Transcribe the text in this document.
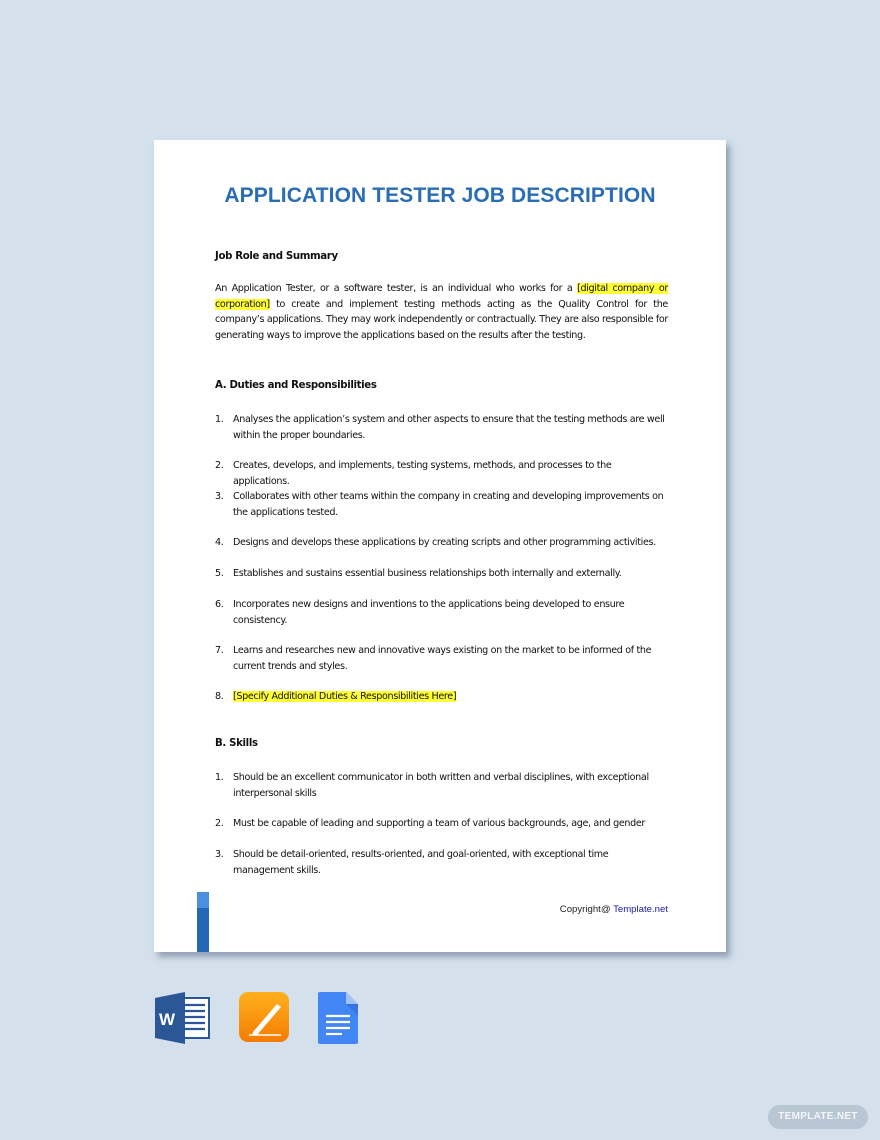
APPLICATION TESTER JOB DESCRIPTION
Job Role and Summary
An Application Tester, or a software tester, is an individual who works for a [digital company or corporation] to create and implement testing methods acting as the Quality Control for the company’s applications. They may work independently or contractually. They are also responsible for generating ways to improve the applications based on the results after the testing.
A. Duties and Responsibilities
1. Analyses the application’s system and other aspects to ensure that the testing methods are well within the proper boundaries.
2. Creates, develops, and implements, testing systems, methods, and processes to the applications.
3. Collaborates with other teams within the company in creating and developing improvements on the applications tested.
4. Designs and develops these applications by creating scripts and other programming activities.
5. Establishes and sustains essential business relationships both internally and externally.
6. Incorporates new designs and inventions to the applications being developed to ensure consistency.
7. Learns and researches new and innovative ways existing on the market to be informed of the current trends and styles.
8. [Specify Additional Duties & Responsibilities Here]
B. Skills
1. Should be an excellent communicator in both written and verbal disciplines, with exceptional interpersonal skills
2. Must be capable of leading and supporting a team of various backgrounds, age, and gender
3. Should be detail-oriented, results-oriented, and goal-oriented, with exceptional time management skills.
Copyright@ Template.net
W
TEMPLATE.NET
